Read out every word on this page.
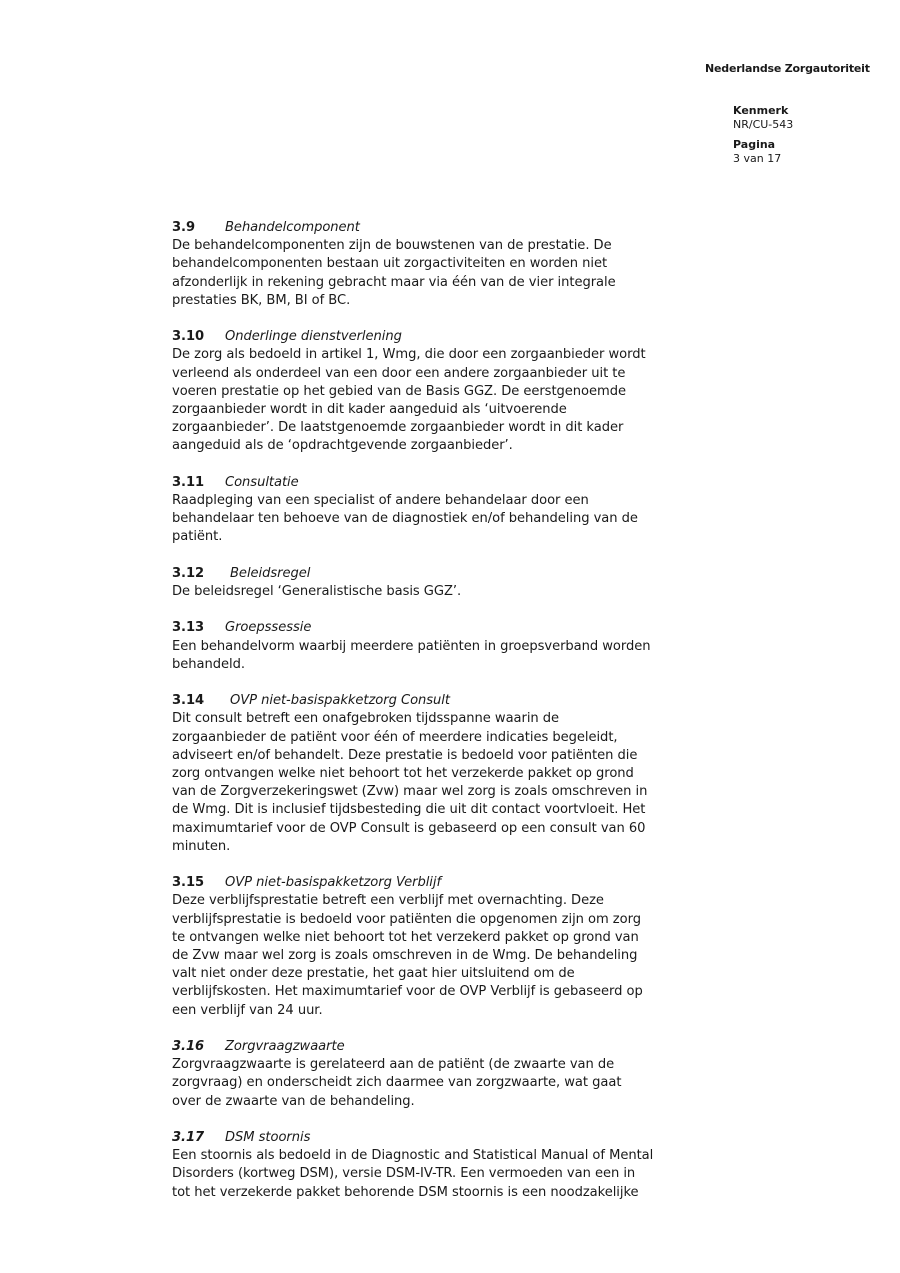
Nederlandse Zorgautoriteit
Kenmerk
NR/CU-543
Pagina
3 van 17
3.9 Behandelcomponent
De behandelcomponenten zijn de bouwstenen van de prestatie. De
behandelcomponenten bestaan uit zorgactiviteiten en worden niet
afzonderlijk in rekening gebracht maar via één van de vier integrale
prestaties BK, BM, BI of BC.
3.10 Onderlinge dienstverlening
De zorg als bedoeld in artikel 1, Wmg, die door een zorgaanbieder wordt
verleend als onderdeel van een door een andere zorgaanbieder uit te
voeren prestatie op het gebied van de Basis GGZ. De eerstgenoemde
zorgaanbieder wordt in dit kader aangeduid als ‘uitvoerende
zorgaanbieder’. De laatstgenoemde zorgaanbieder wordt in dit kader
aangeduid als de ‘opdrachtgevende zorgaanbieder’.
3.11 Consultatie
Raadpleging van een specialist of andere behandelaar door een
behandelaar ten behoeve van de diagnostiek en/of behandeling van de
patiënt.
3.12 Beleidsregel
De beleidsregel ‘Generalistische basis GGZ’.
3.13 Groepssessie
Een behandelvorm waarbij meerdere patiënten in groepsverband worden
behandeld.
3.14 OVP niet-basispakketzorg Consult
Dit consult betreft een onafgebroken tijdsspanne waarin de
zorgaanbieder de patiënt voor één of meerdere indicaties begeleidt,
adviseert en/of behandelt. Deze prestatie is bedoeld voor patiënten die
zorg ontvangen welke niet behoort tot het verzekerde pakket op grond
van de Zorgverzekeringswet (Zvw) maar wel zorg is zoals omschreven in
de Wmg. Dit is inclusief tijdsbesteding die uit dit contact voortvloeit. Het
maximumtarief voor de OVP Consult is gebaseerd op een consult van 60
minuten.
3.15 OVP niet-basispakketzorg Verblijf
Deze verblijfsprestatie betreft een verblijf met overnachting. Deze
verblijfsprestatie is bedoeld voor patiënten die opgenomen zijn om zorg
te ontvangen welke niet behoort tot het verzekerd pakket op grond van
de Zvw maar wel zorg is zoals omschreven in de Wmg. De behandeling
valt niet onder deze prestatie, het gaat hier uitsluitend om de
verblijfskosten. Het maximumtarief voor de OVP Verblijf is gebaseerd op
een verblijf van 24 uur.
3.16 Zorgvraagzwaarte
Zorgvraagzwaarte is gerelateerd aan de patiënt (de zwaarte van de
zorgvraag) en onderscheidt zich daarmee van zorgzwaarte, wat gaat
over de zwaarte van de behandeling.
3.17 DSM stoornis
Een stoornis als bedoeld in de Diagnostic and Statistical Manual of Mental
Disorders (kortweg DSM), versie DSM-IV-TR. Een vermoeden van een in
tot het verzekerde pakket behorende DSM stoornis is een noodzakelijke
